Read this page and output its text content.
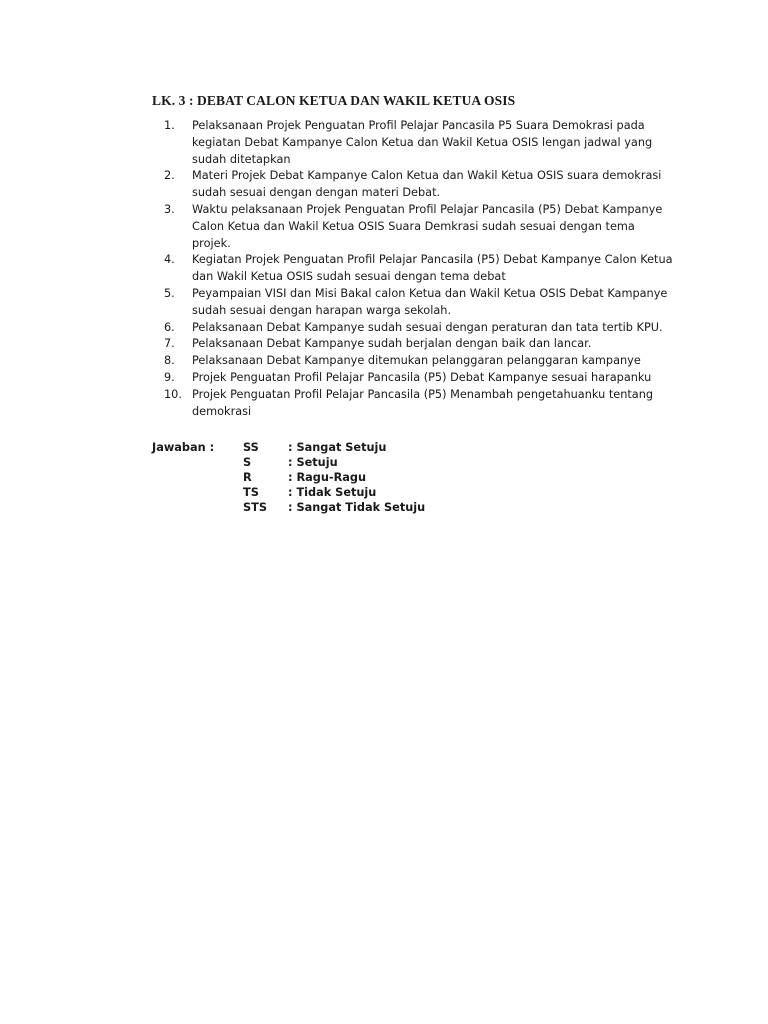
LK. 3 : DEBAT CALON KETUA DAN WAKIL KETUA OSIS
1.	Pelaksanaan Projek Penguatan Profil Pelajar Pancasila P5 Suara Demokrasi pada kegiatan Debat Kampanye Calon Ketua dan Wakil Ketua OSIS lengan jadwal yang sudah ditetapkan
2.	Materi Projek Debat Kampanye Calon Ketua dan Wakil Ketua OSIS suara demokrasi sudah sesuai dengan dengan materi Debat.
3.	Waktu pelaksanaan Projek Penguatan Profil Pelajar Pancasila (P5) Debat Kampanye Calon Ketua dan Wakil Ketua OSIS Suara Demkrasi sudah sesuai dengan tema projek.
4.	Kegiatan Projek Penguatan Profil Pelajar Pancasila (P5) Debat Kampanye Calon Ketua dan Wakil Ketua OSIS sudah sesuai dengan tema debat
5.	Peyampaian VISI dan Misi Bakal calon Ketua dan Wakil Ketua OSIS Debat Kampanye sudah sesuai dengan harapan warga sekolah.
6.	Pelaksanaan Debat Kampanye sudah sesuai dengan peraturan dan tata tertib KPU.
7.	Pelaksanaan Debat Kampanye sudah berjalan dengan baik dan lancar.
8.	Pelaksanaan Debat Kampanye ditemukan pelanggaran pelanggaran kampanye
9.	Projek Penguatan Profil Pelajar Pancasila (P5) Debat Kampanye sesuai harapanku
10. Projek Penguatan Profil Pelajar Pancasila (P5) Menambah pengetahuanku tentang demokrasi
Jawaban :	SS	: Sangat Setuju
S	: Setuju
R	: Ragu-Ragu
TS	: Tidak Setuju
STS	: Sangat Tidak Setuju
